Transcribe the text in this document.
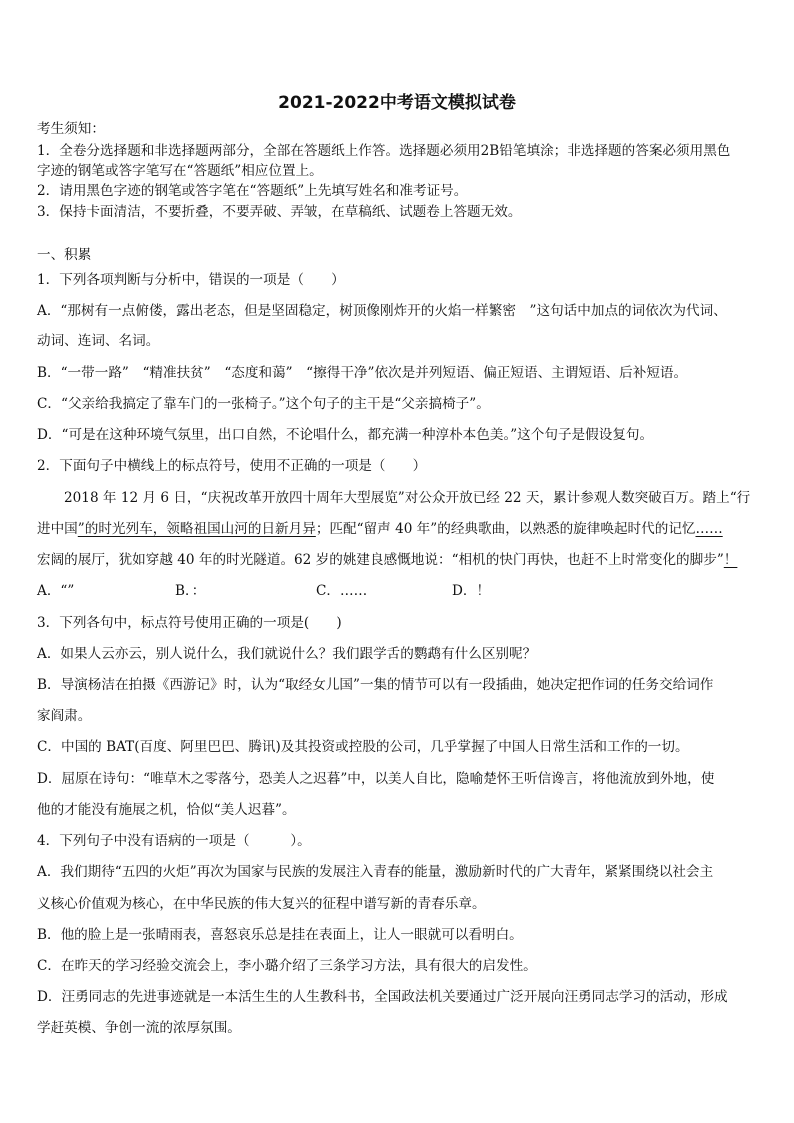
2021-2022中考语文模拟试卷
考生须知：
1．全卷分选择题和非选择题两部分，全部在答题纸上作答。选择题必须用2B铅笔填涂；非选择题的答案必须用黑色
字迹的钢笔或答字笔写在“答题纸”相应位置上。
2．请用黑色字迹的钢笔或答字笔在“答题纸”上先填写姓名和准考证号。
3．保持卡面清洁，不要折叠，不要弄破、弄皱，在草稿纸、试题卷上答题无效。
一、积累
1．下列各项判断与分析中，错误的一项是（　　）
A．“那树有一点俯偻，露出老态，但是坚固稳定，树顶像刚炸开的火焰一样繁密　”这句话中加点的词依次为代词、
动词、连词、名词。
B．“一带一路”　“精准扶贫”　“态度和蔼”　“擦得干净”依次是并列短语、偏正短语、主谓短语、后补短语。
C．“父亲给我搞定了靠车门的一张椅子。”这个句子的主干是“父亲搞椅子”。
D．“可是在这种环境气氛里，出口自然，不论唱什么，都充满一种淳朴本色美。”这个句子是假设复句。
2．下面句子中横线上的标点符号，使用不正确的一项是（　　）
2018 年 12 月 6 日，“庆祝改革开放四十周年大型展览”对公众开放已经 22 天，累计参观人数突破百万。踏上“行
进中国”的时光列车，领略祖国山河的日新月异；匹配“留声 40 年”的经典歌曲，以熟悉的旋律唤起时代的记忆……
宏阔的展厅，犹如穿越 40 年的时光隧道。62 岁的姚建良感慨地说：“相机的快门再快，也赶不上时常变化的脚步”！
A．“”	B．：	C．……	D．！
3．下列各句中，标点符号使用正确的一项是(　　)
A．如果人云亦云，别人说什么，我们就说什么？我们跟学舌的鹦鹉有什么区别呢？
B．导演杨洁在拍摄《西游记》时，认为“取经女儿国”一集的情节可以有一段插曲，她决定把作词的任务交给词作
家阎肃。
C．中国的 BAT(百度、阿里巴巴、腾讯)及其投资或控股的公司，几乎掌握了中国人日常生活和工作的一切。
D．屈原在诗句：“唯草木之零落兮，恐美人之迟暮”中，以美人自比，隐喻楚怀王听信谗言，将他流放到外地，使
他的才能没有施展之机，恰似“美人迟暮”。
4．下列句子中没有语病的一项是（　　　）。
A．我们期待“五四的火炬”再次为国家与民族的发展注入青春的能量，激励新时代的广大青年，紧紧围绕以社会主
义核心价值观为核心，在中华民族的伟大复兴的征程中谱写新的青春乐章。
B．他的脸上是一张晴雨表，喜怒哀乐总是挂在表面上，让人一眼就可以看明白。
C．在昨天的学习经验交流会上，李小璐介绍了三条学习方法，具有很大的启发性。
D．汪勇同志的先进事迹就是一本活生生的人生教科书，全国政法机关要通过广泛开展向汪勇同志学习的活动，形成
学赶英模、争创一流的浓厚氛围。
